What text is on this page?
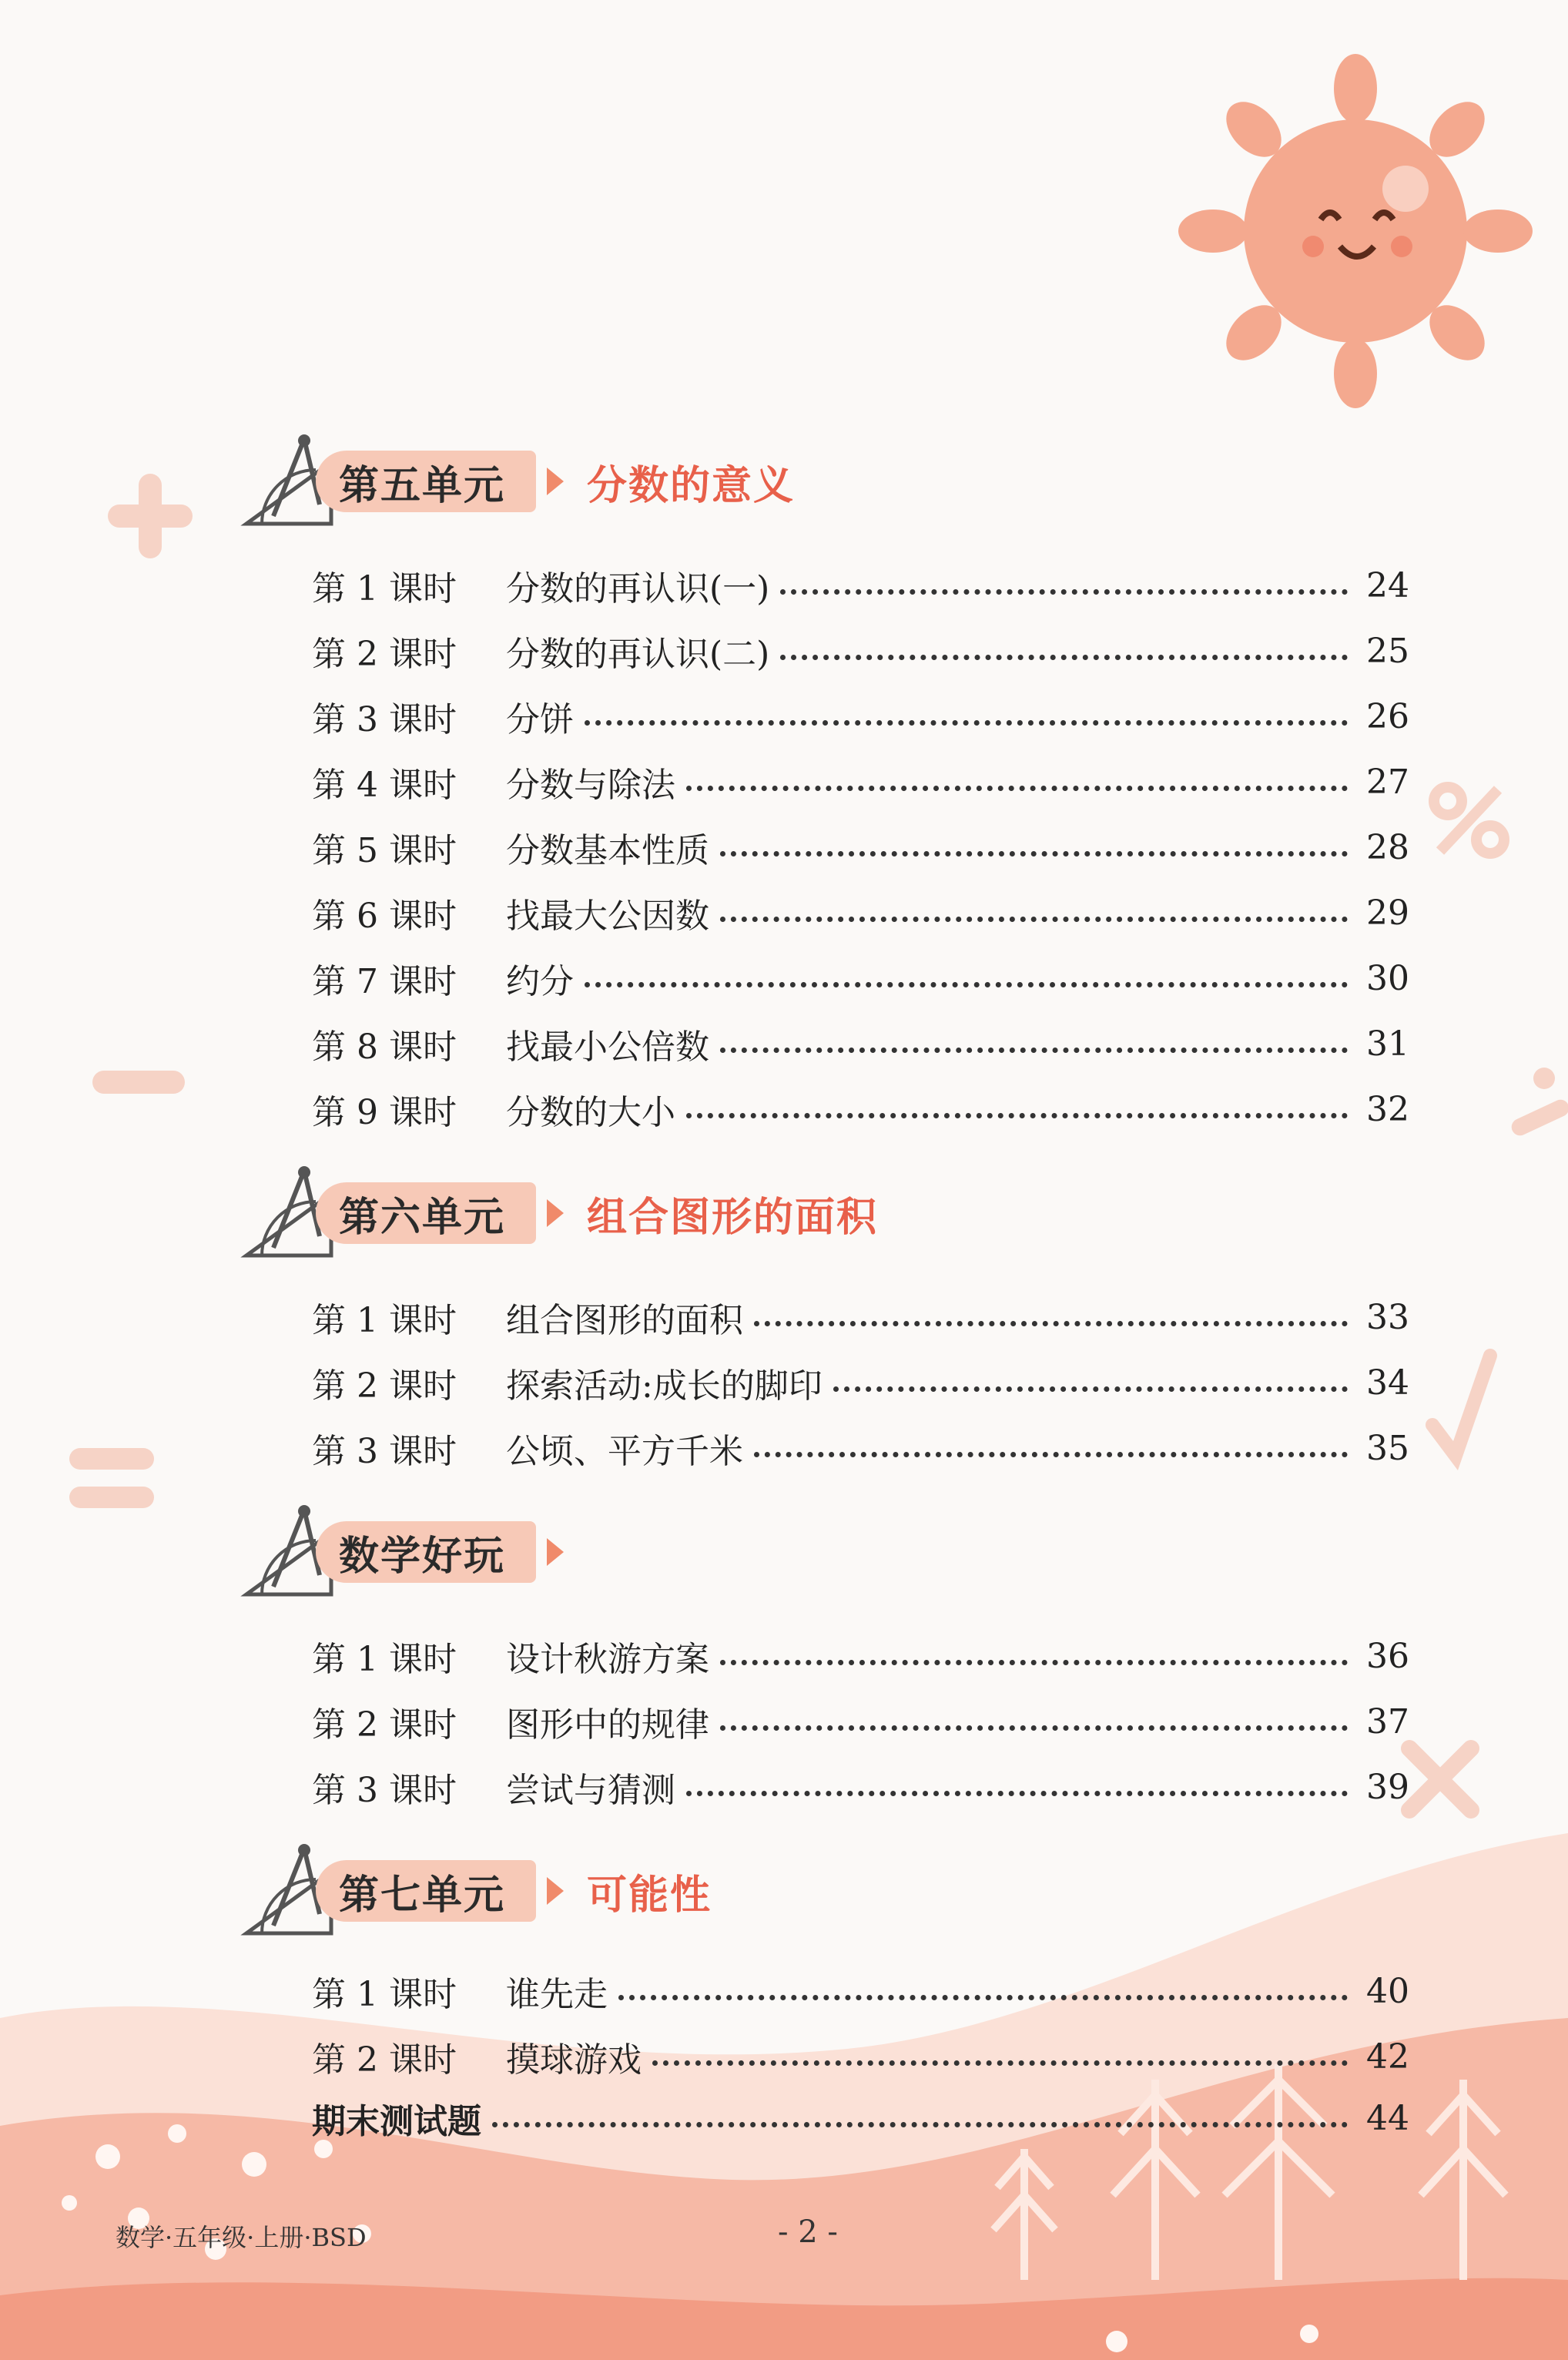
第五单元 分数的意义
第 1 课时	分数的再认识(一)	24
第 2 课时	分数的再认识(二)	25
第 3 课时	分饼	26
第 4 课时	分数与除法	27
第 5 课时	分数基本性质	28
第 6 课时	找最大公因数	29
第 7 课时	约分	30
第 8 课时	找最小公倍数	31
第 9 课时	分数的大小	32
第六单元 组合图形的面积
第 1 课时	组合图形的面积	33
第 2 课时	探索活动:成长的脚印	34
第 3 课时	公顷、平方千米	35
数学好玩
第 1 课时	设计秋游方案	36
第 2 课时	图形中的规律	37
第 3 课时	尝试与猜测	39
第七单元 可能性
第 1 课时	谁先走	40
第 2 课时	摸球游戏	42
期末测试题	44
数学·五年级·上册·BSD	- 2 -
